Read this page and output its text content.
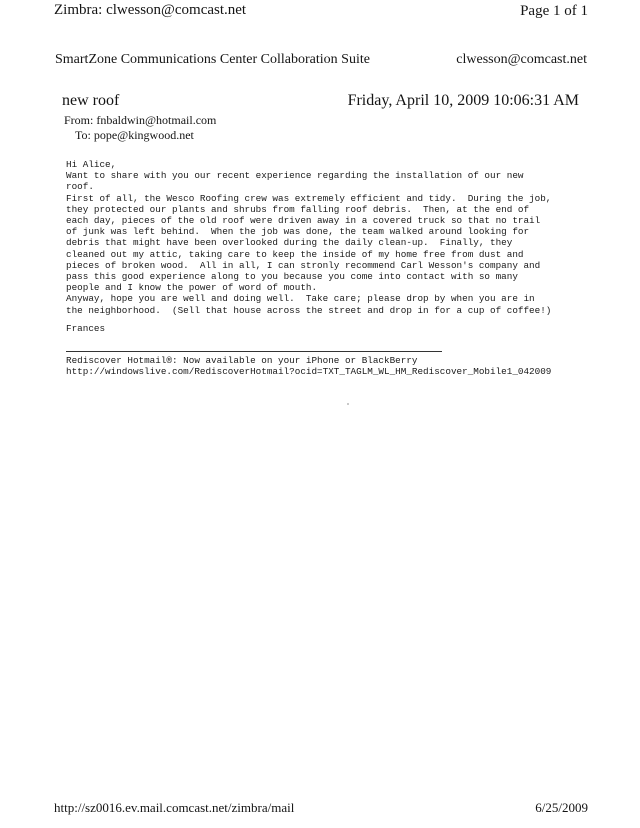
Zimbra: clwesson@comcast.net	Page 1 of 1
SmartZone Communications Center Collaboration Suite	clwesson@comcast.net
new roof	Friday, April 10, 2009 10:06:31 AM
From: fnbaldwin@hotmail.com
To: pope@kingwood.net
Hi Alice,
Want to share with you our recent experience regarding the installation of our new
roof.
First of all, the Wesco Roofing crew was extremely efficient and tidy.  During the job,
they protected our plants and shrubs from falling roof debris.  Then, at the end of
each day, pieces of the old roof were driven away in a covered truck so that no trail
of junk was left behind.  When the job was done, the team walked around looking for
debris that might have been overlooked during the daily clean-up.  Finally, they
cleaned out my attic, taking care to keep the inside of my home free from dust and
pieces of broken wood.  All in all, I can stronly recommend Carl Wesson's company and
pass this good experience along to you because you come into contact with so many
people and I know the power of word of mouth.
Anyway, hope you are well and doing well.  Take care; please drop by when you are in
the neighborhood.  (Sell that house across the street and drop in for a cup of coffee!)
Frances
Rediscover Hotmail®: Now available on your iPhone or BlackBerry
http://windowslive.com/RediscoverHotmail?ocid=TXT_TAGLM_WL_HM_Rediscover_Mobile1_042009
http://sz0016.ev.mail.comcast.net/zimbra/mail	6/25/2009
